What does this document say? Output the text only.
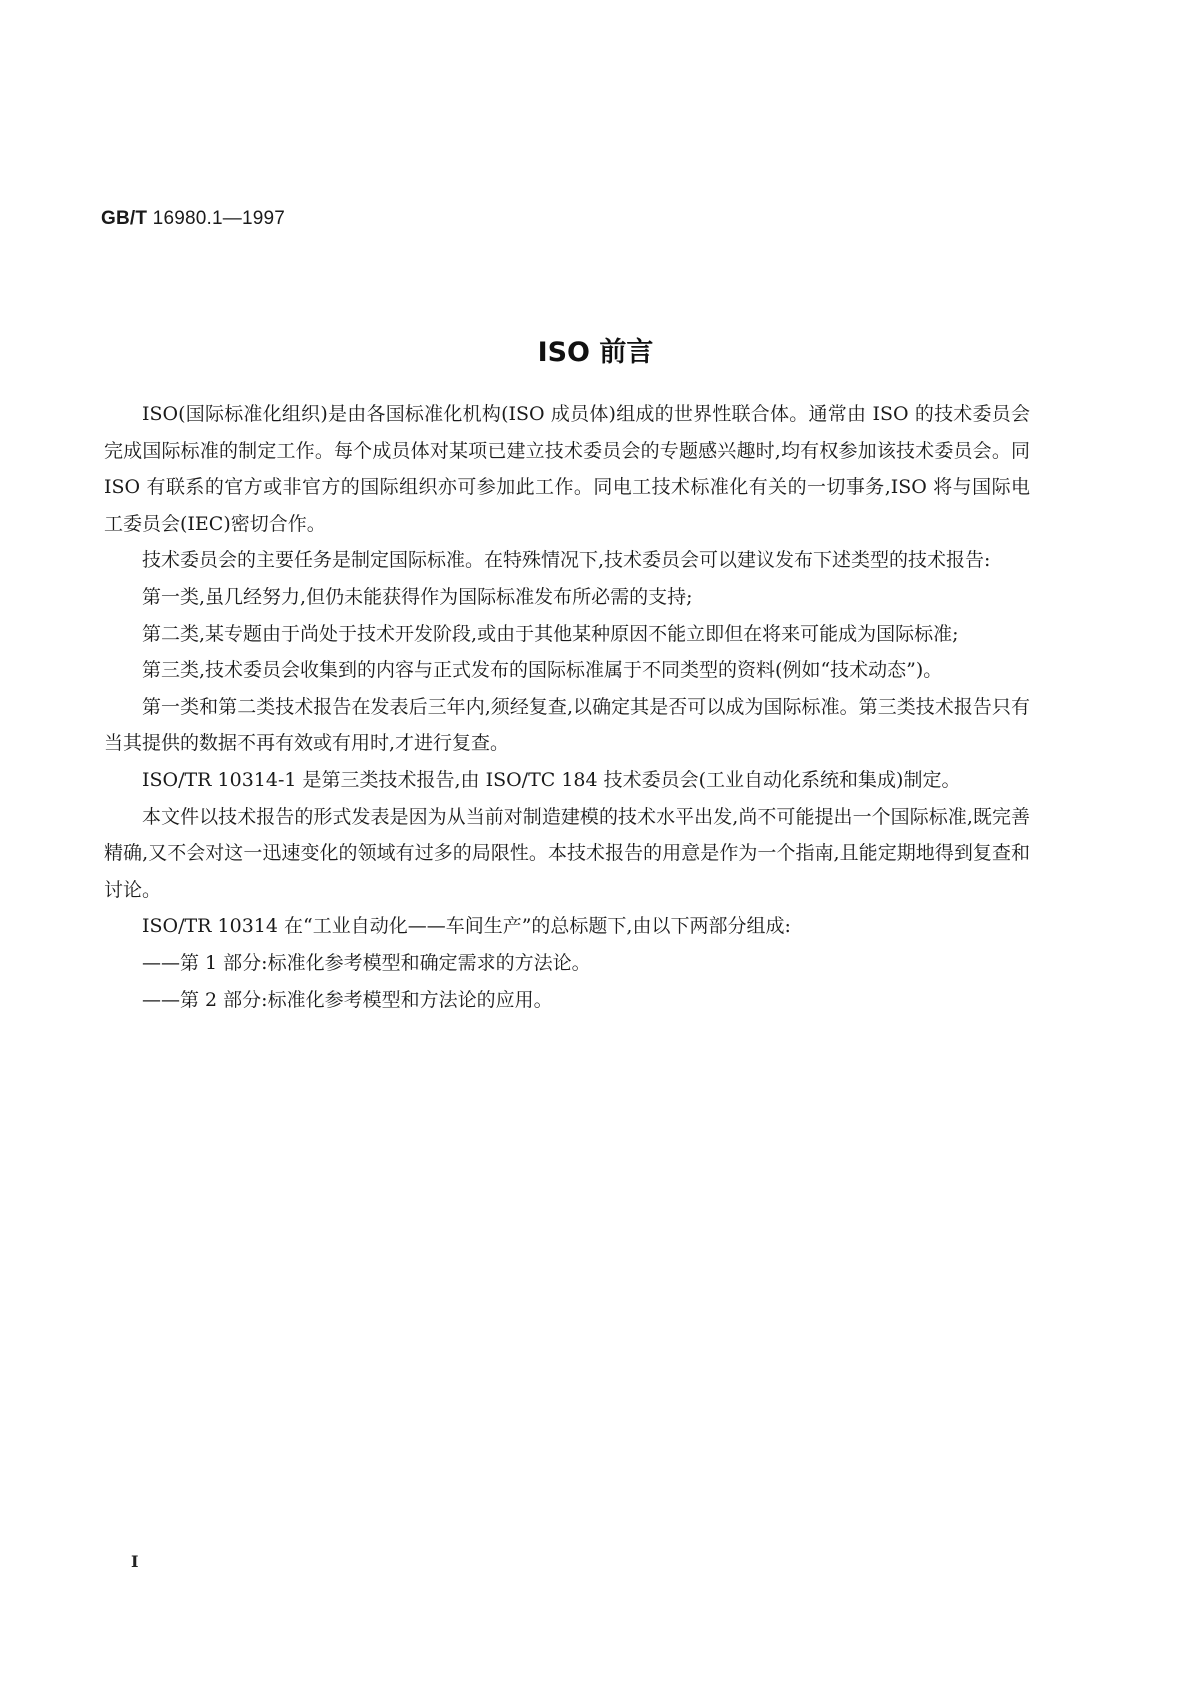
GB/T 16980.1—1997
ISO 前言

ISO(国际标准化组织)是由各国标准化机构(ISO 成员体)组成的世界性联合体。通常由 ISO 的技术委员会完成国际标准的制定工作。每个成员体对某项已建立技术委员会的专题感兴趣时,均有权参加该技术委员会。同 ISO 有联系的官方或非官方的国际组织亦可参加此工作。同电工技术标准化有关的一切事务,ISO 将与国际电工委员会(IEC)密切合作。

技术委员会的主要任务是制定国际标准。在特殊情况下,技术委员会可以建议发布下述类型的技术报告:

第一类,虽几经努力,但仍未能获得作为国际标准发布所必需的支持;

第二类,某专题由于尚处于技术开发阶段,或由于其他某种原因不能立即但在将来可能成为国际标准;

第三类,技术委员会收集到的内容与正式发布的国际标准属于不同类型的资料(例如“技术动态”)。

第一类和第二类技术报告在发表后三年内,须经复查,以确定其是否可以成为国际标准。第三类技术报告只有当其提供的数据不再有效或有用时,才进行复查。

ISO/TR 10314-1 是第三类技术报告,由 ISO/TC 184 技术委员会(工业自动化系统和集成)制定。

本文件以技术报告的形式发表是因为从当前对制造建模的技术水平出发,尚不可能提出一个国际标准,既完善精确,又不会对这一迅速变化的领域有过多的局限性。本技术报告的用意是作为一个指南,且能定期地得到复查和讨论。

ISO/TR 10314 在“工业自动化——车间生产”的总标题下,由以下两部分组成:

——第 1 部分:标准化参考模型和确定需求的方法论。

——第 2 部分:标准化参考模型和方法论的应用。

I
